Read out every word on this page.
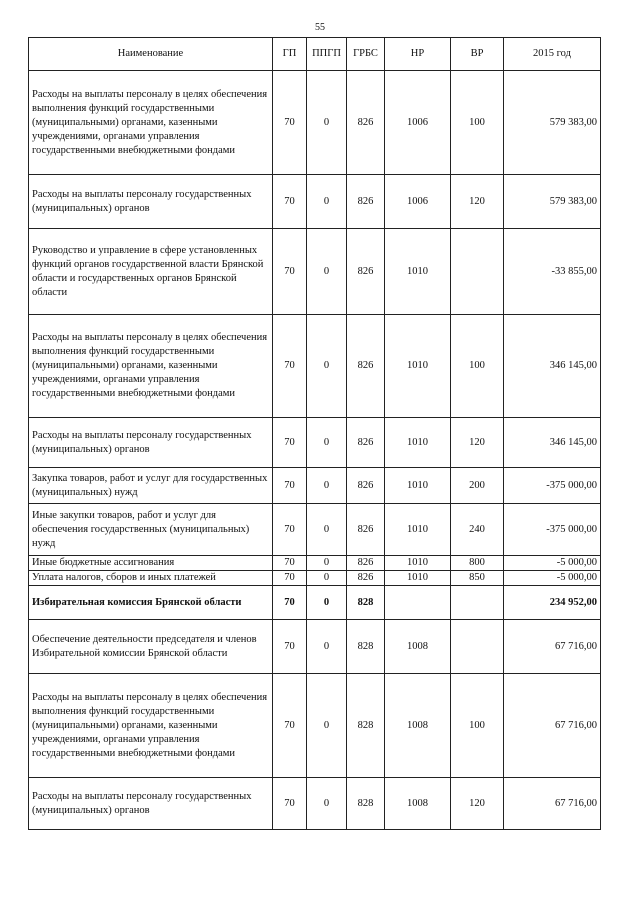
55
Наименование	ГП	ППГП	ГРБС	НР	ВР	2015 год
Расходы на выплаты персоналу в целях обеспечения выполнения функций государственными (муниципальными) органами, казенными учреждениями, органами управления государственными внебюджетными фондами	70	0	826	1006	100	579 383,00
Расходы на выплаты персоналу государственных (муниципальных) органов	70	0	826	1006	120	579 383,00
Руководство и управление в сфере установленных функций органов государственной власти Брянской области и государственных органов Брянской области	70	0	826	1010		-33 855,00
Расходы на выплаты персоналу в целях обеспечения выполнения функций государственными (муниципальными) органами, казенными учреждениями, органами управления государственными внебюджетными фондами	70	0	826	1010	100	346 145,00
Расходы на выплаты персоналу государственных (муниципальных) органов	70	0	826	1010	120	346 145,00
Закупка товаров, работ и услуг для государственных (муниципальных) нужд	70	0	826	1010	200	-375 000,00
Иные закупки товаров, работ и услуг для обеспечения государственных (муниципальных) нужд	70	0	826	1010	240	-375 000,00
Иные бюджетные ассигнования	70	0	826	1010	800	-5 000,00
Уплата налогов, сборов и иных платежей	70	0	826	1010	850	-5 000,00
Избирательная комиссия Брянской области	70	0	828			234 952,00
Обеспечение деятельности председателя и членов Избирательной комиссии Брянской области	70	0	828	1008		67 716,00
Расходы на выплаты персоналу в целях обеспечения выполнения функций государственными (муниципальными) органами, казенными учреждениями, органами управления государственными внебюджетными фондами	70	0	828	1008	100	67 716,00
Расходы на выплаты персоналу государственных (муниципальных) органов	70	0	828	1008	120	67 716,00
